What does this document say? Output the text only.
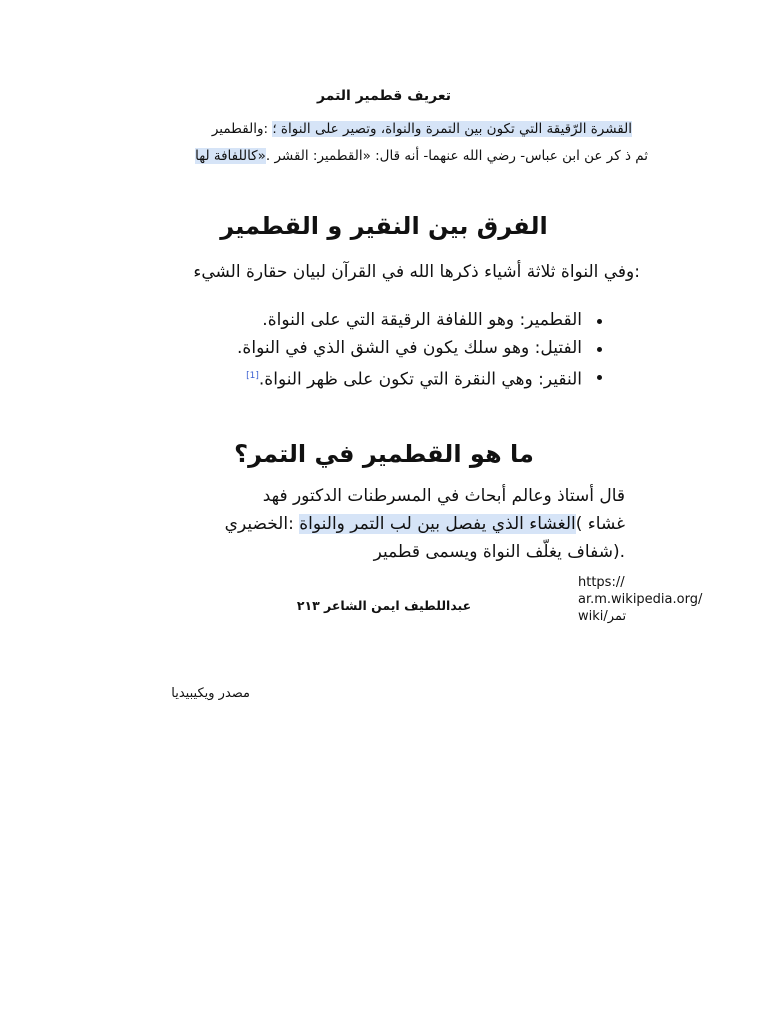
تعريف قطمير التمر
القشرة الرّقيقة التي تكون بين التمرة والنواة، وتصير على النواة ؛ :والقطمير
ثم ذ كر عن ابن عباس- رضي الله عنهما- أنه قال: «القطمير: القشر .«كاللفافة لها
الفرق بين النقير و القطمير
:وفي النواة ثلاثة أشياء ذكرها الله في القرآن لبيان حقارة الشيء
القطمير: وهو اللفافة الرقيقة التي على النواة.
الفتيل: وهو سلك يكون في الشق الذي في النواة.
النقير: وهي النقرة التي تكون على ظهر النواة.[1]
ما هو القطمير في التمر؟
قال أستاذ وعالم أبحاث في المسرطنات الدكتور فهد
غشاء )الغشاء الذي يفصل بين لب التمر والنواة :الخضيري
.(شفاف يغلّف النواة ويسمى قطمير
https://
ar.m.wikipedia.org/
wiki/تمر
عبداللطيف ايمن الشاعر ٢١٣
مصدر ويكيبيديا
